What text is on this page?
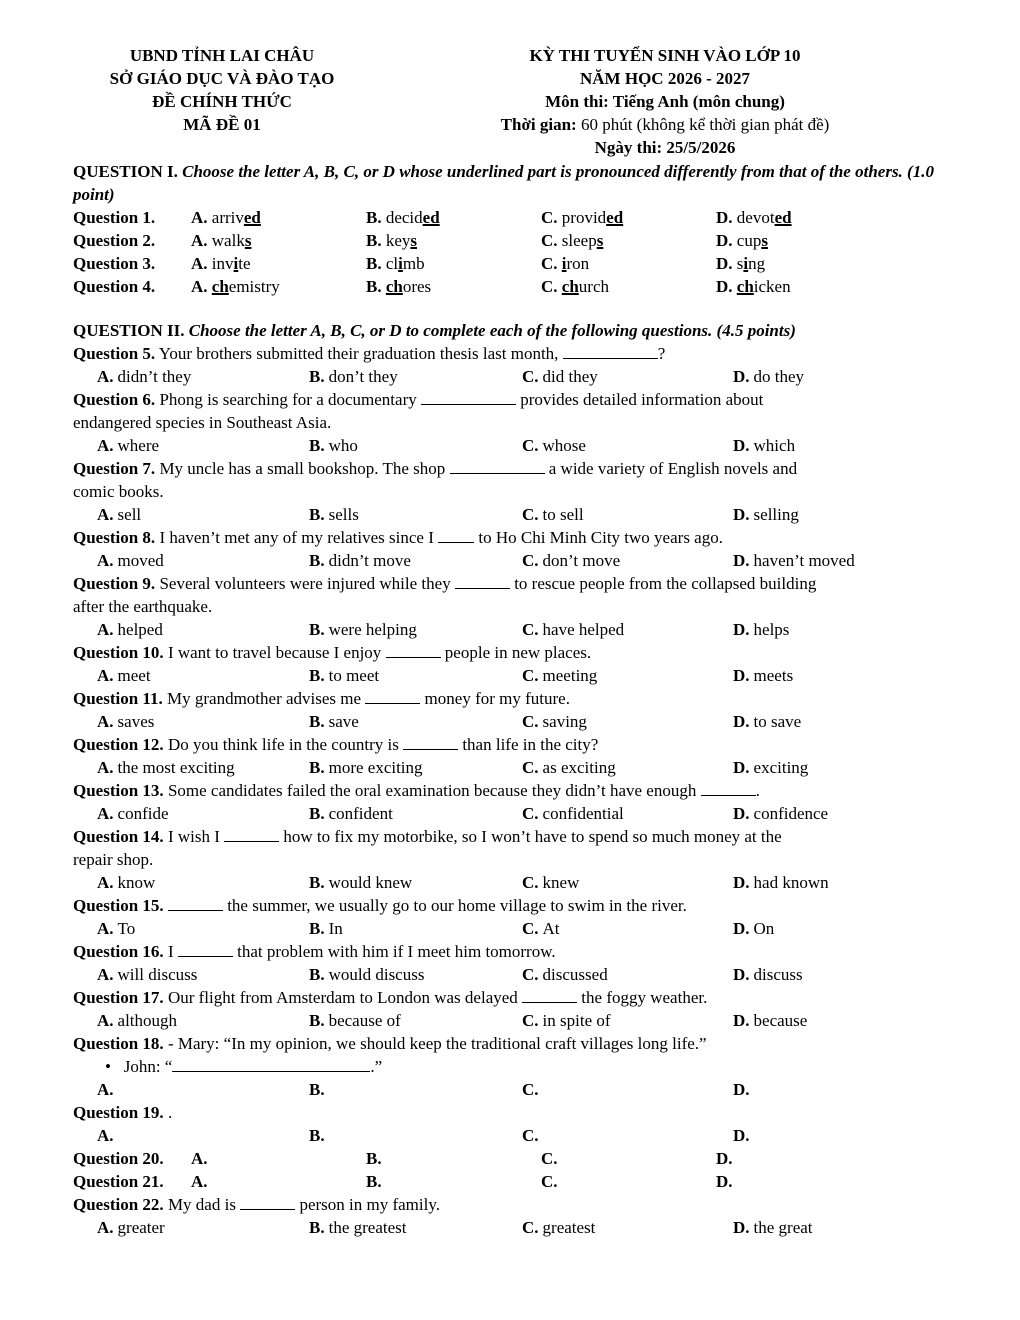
UBND TỈNH LAI CHÂU
SỞ GIÁO DỤC VÀ ĐÀO TẠO
ĐỀ CHÍNH THỨC
MÃ ĐỀ 01
KỲ THI TUYỂN SINH VÀO LỚP 10
NĂM HỌC 2026 - 2027
Môn thi: Tiếng Anh (môn chung)
Thời gian: 60 phút (không kể thời gian phát đề)
Ngày thi: 25/5/2026
QUESTION I. Choose the letter A, B, C, or D whose underlined part is pronounced differently from that of the others. (1.0 point)
Question 1.	A. arrived	B. decided	C. provided	D. devoted
Question 2.	A. walks	B. keys	C. sleeps	D. cups
Question 3.	A. invite	B. climb	C. iron	D. sing
Question 4.	A. chemistry	B. chores	C. church	D. chicken
QUESTION II. Choose the letter A, B, C, or D to complete each of the following questions. (4.5 points)
Question 5. Your brothers submitted their graduation thesis last month,	?
A. didn’t they	B. don’t they	C. did they	D. do they
Question 6. Phong is searching for a documentary	provides detailed information about
endangered species in Southeast Asia.
A. where	B. who	C. whose	D. which
Question 7. My uncle has a small bookshop. The shop	a wide variety of English novels and
comic books.
A. sell	B. sells	C. to sell	D. selling
Question 8. I haven’t met any of my relatives since I  to Ho Chi Minh City two years ago.
A. moved	B. didn’t move	C. don’t move	D. haven’t moved
Question 9. Several volunteers were injured while they	to rescue people from the collapsed building
after the earthquake.
A. helped	B. were helping	C. have helped	D. helps
Question 10. I want to travel because I enjoy	people in new places.
A. meet	B. to meet	C. meeting	D. meets
Question 11. My grandmother advises me	money for my future.
A. saves	B. save	C. saving	D. to save
Question 12. Do you think life in the country is	than life in the city?
A. the most exciting	B. more exciting	C. as exciting	D. exciting
Question 13. Some candidates failed the oral examination because they didn’t have enough	.
A. confide	B. confident	C. confidential	D. confidence
Question 14. I wish I	how to fix my motorbike, so I won’t have to spend so much money at the
repair shop.
A. know	B. would knew	C. knew	D. had known
Question 15.	the summer, we usually go to our home village to swim in the river.
A. To	B. In	C. At	D. On
Question 16. I	that problem with him if I meet him tomorrow.
A. will discuss	B. would discuss	C. discussed	D. discuss
Question 17. Our flight from Amsterdam to London was delayed	the foggy weather.
A. although	B. because of	C. in spite of	D. because
Question 18. - Mary: “In my opinion, we should keep the traditional craft villages long life.”
•   John: “	.”
A.	B.	C.	D.
Question 19. .
A.	B.	C.	D.
Question 20.	A.	B.	C.	D.
Question 21.	A.	B.	C.	D.
Question 22. My dad is	person in my family.
A. greater	B. the greatest	C. greatest	D. the great
